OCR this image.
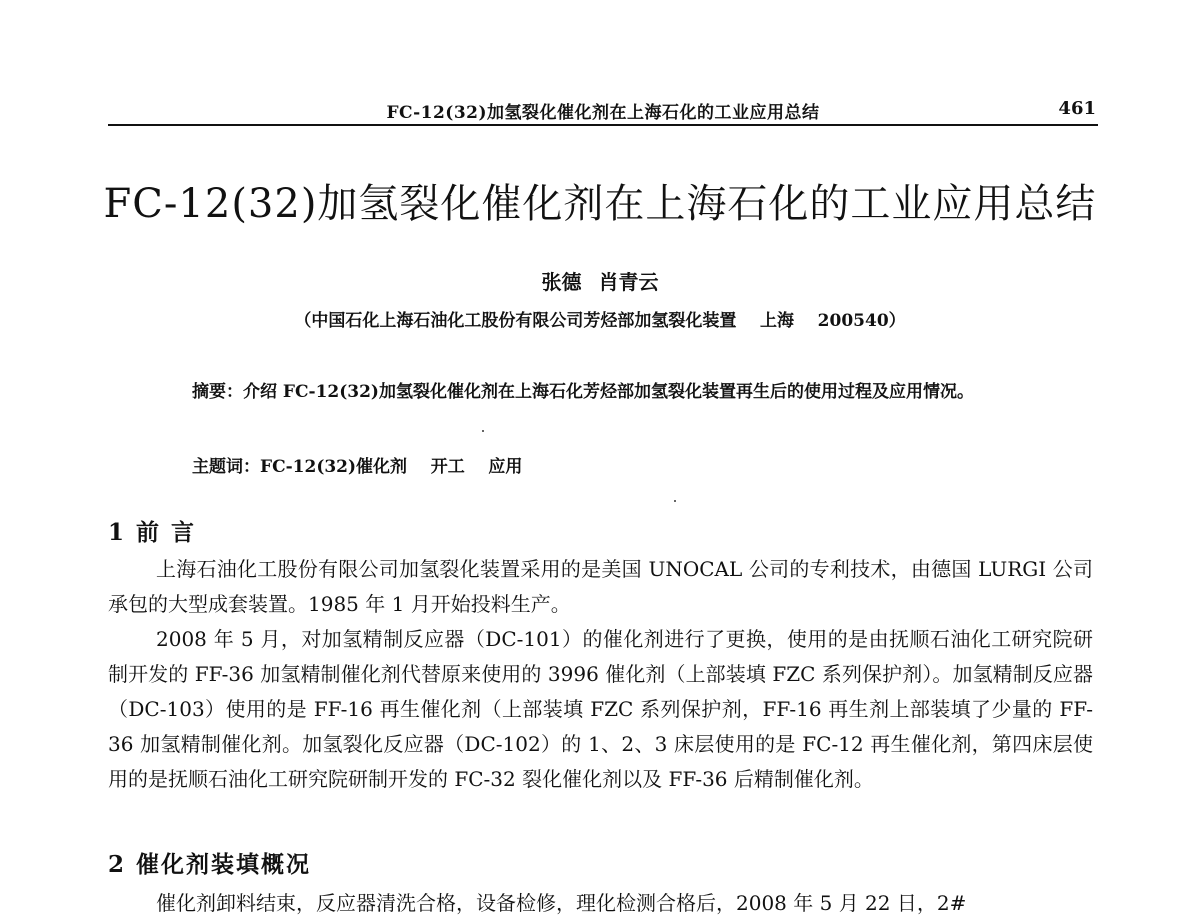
FC-12(32)加氢裂化催化剂在上海石化的工业应用总结	461
FC-12(32)加氢裂化催化剂在上海石化的工业应用总结
张德 肖青云
（中国石化上海石油化工股份有限公司芳烃部加氢裂化装置    上海    200540）
摘要：介绍 FC-12(32)加氢裂化催化剂在上海石化芳烃部加氢裂化装置再生后的使用过程及应用情况。
主题词：FC-12(32)催化剂    开工    应用
1 前 言
上海石油化工股份有限公司加氢裂化装置采用的是美国 UNOCAL 公司的专利技术，由德国 LURGI 公司承包的大型成套装置。1985 年 1 月开始投料生产。
2008 年 5 月，对加氢精制反应器（DC-101）的催化剂进行了更换，使用的是由抚顺石油化工研究院研制开发的 FF-36 加氢精制催化剂代替原来使用的 3996 催化剂（上部装填 FZC 系列保护剂）。加氢精制反应器（DC-103）使用的是 FF-16 再生催化剂（上部装填 FZC 系列保护剂，FF-16 再生剂上部装填了少量的 FF-36 加氢精制催化剂。加氢裂化反应器（DC-102）的 1、2、3 床层使用的是 FC-12 再生催化剂，第四床层使用的是抚顺石油化工研究院研制开发的 FC-32 裂化催化剂以及 FF-36 后精制催化剂。
2 催化剂装填概况
催化剂卸料结束，反应器清洗合格，设备检修，理化检测合格后，2008 年 5 月 22 日，2#
